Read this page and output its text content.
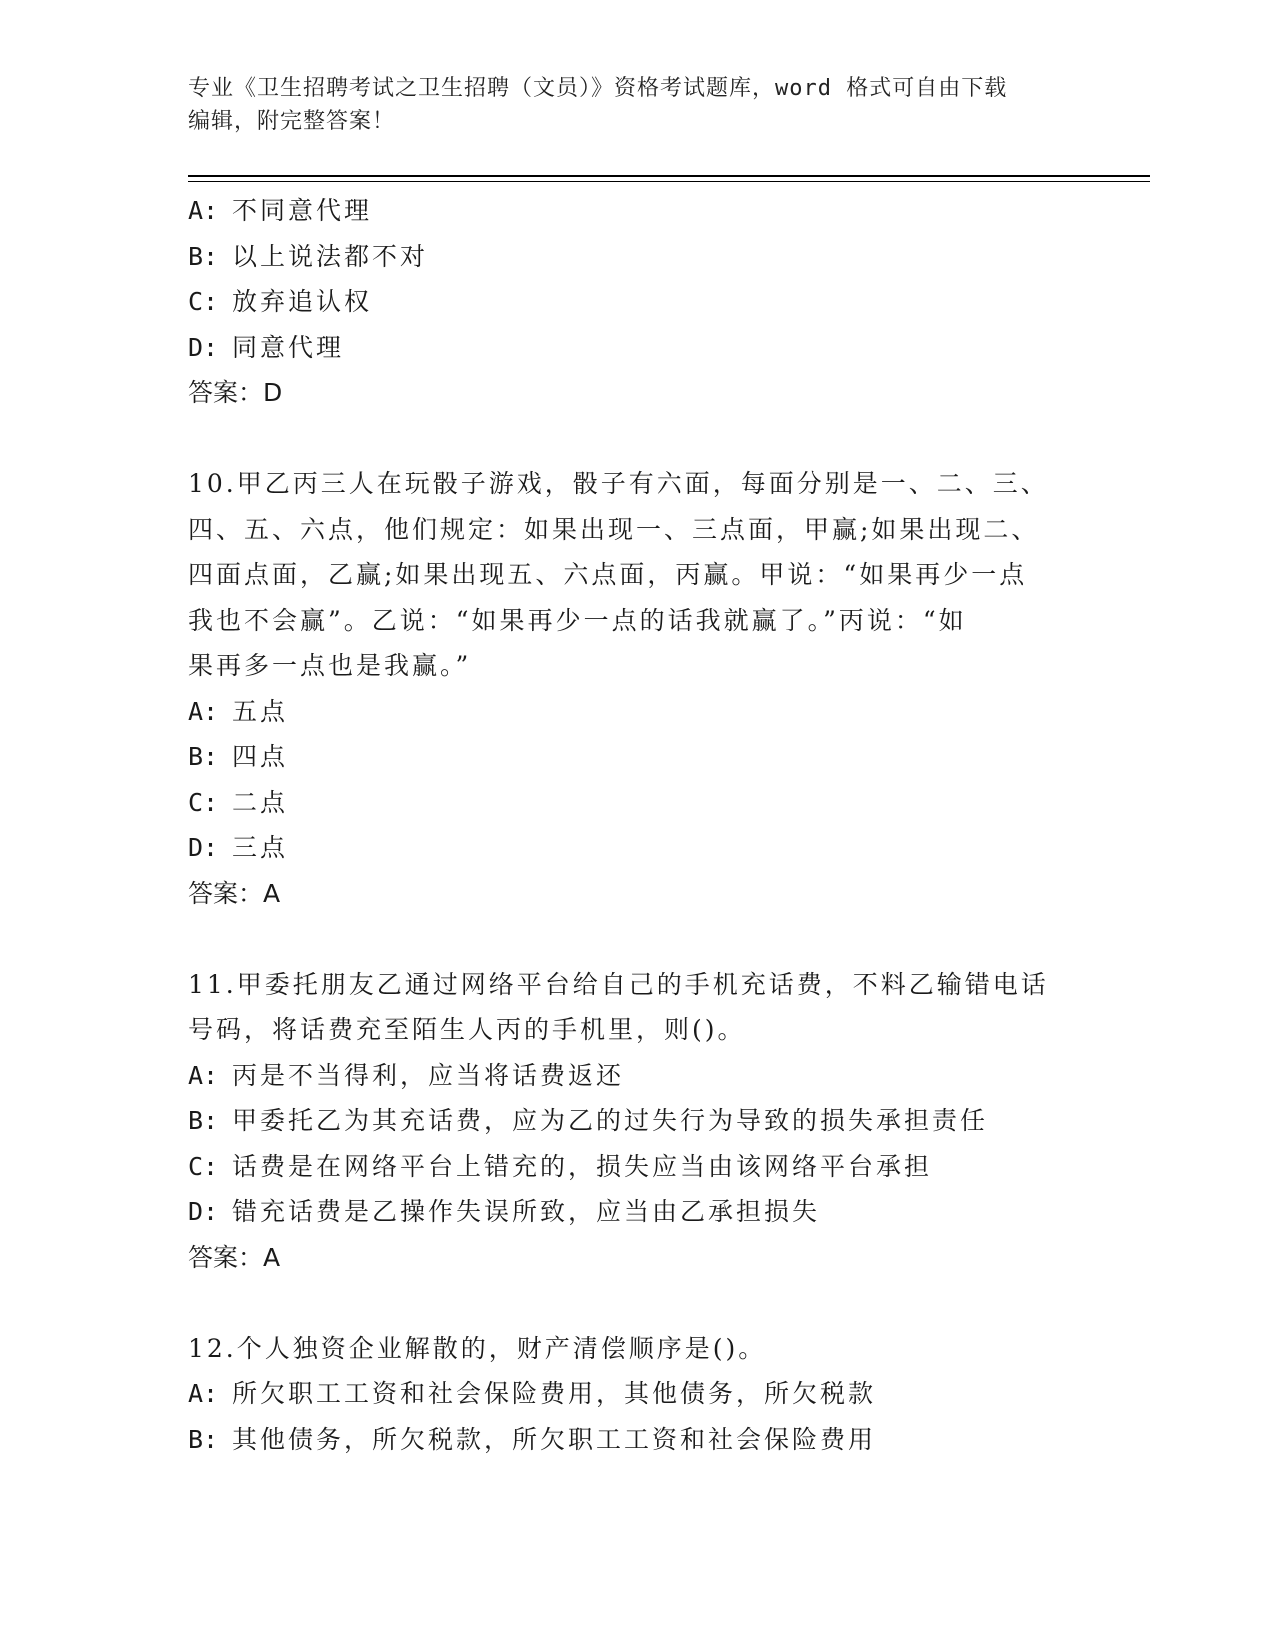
专业《卫生招聘考试之卫生招聘（文员）》资格考试题库，word 格式可自由下载
编辑，附完整答案！
A: 不同意代理
B: 以上说法都不对
C: 放弃追认权
D: 同意代理
答案：D
10.甲乙丙三人在玩骰子游戏，骰子有六面，每面分别是一、二、三、
四、五、六点，他们规定：如果出现一、三点面，甲赢;如果出现二、
四面点面，乙赢;如果出现五、六点面，丙赢。甲说：“如果再少一点
我也不会赢”。乙说：“如果再少一点的话我就赢了。”丙说：“如
果再多一点也是我赢。”
A: 五点
B: 四点
C: 二点
D: 三点
答案：A
11.甲委托朋友乙通过网络平台给自己的手机充话费，不料乙输错电话
号码，将话费充至陌生人丙的手机里，则()。
A: 丙是不当得利，应当将话费返还
B: 甲委托乙为其充话费，应为乙的过失行为导致的损失承担责任
C: 话费是在网络平台上错充的，损失应当由该网络平台承担
D: 错充话费是乙操作失误所致，应当由乙承担损失
答案：A
12.个人独资企业解散的，财产清偿顺序是()。
A: 所欠职工工资和社会保险费用，其他债务，所欠税款
B: 其他债务，所欠税款，所欠职工工资和社会保险费用
